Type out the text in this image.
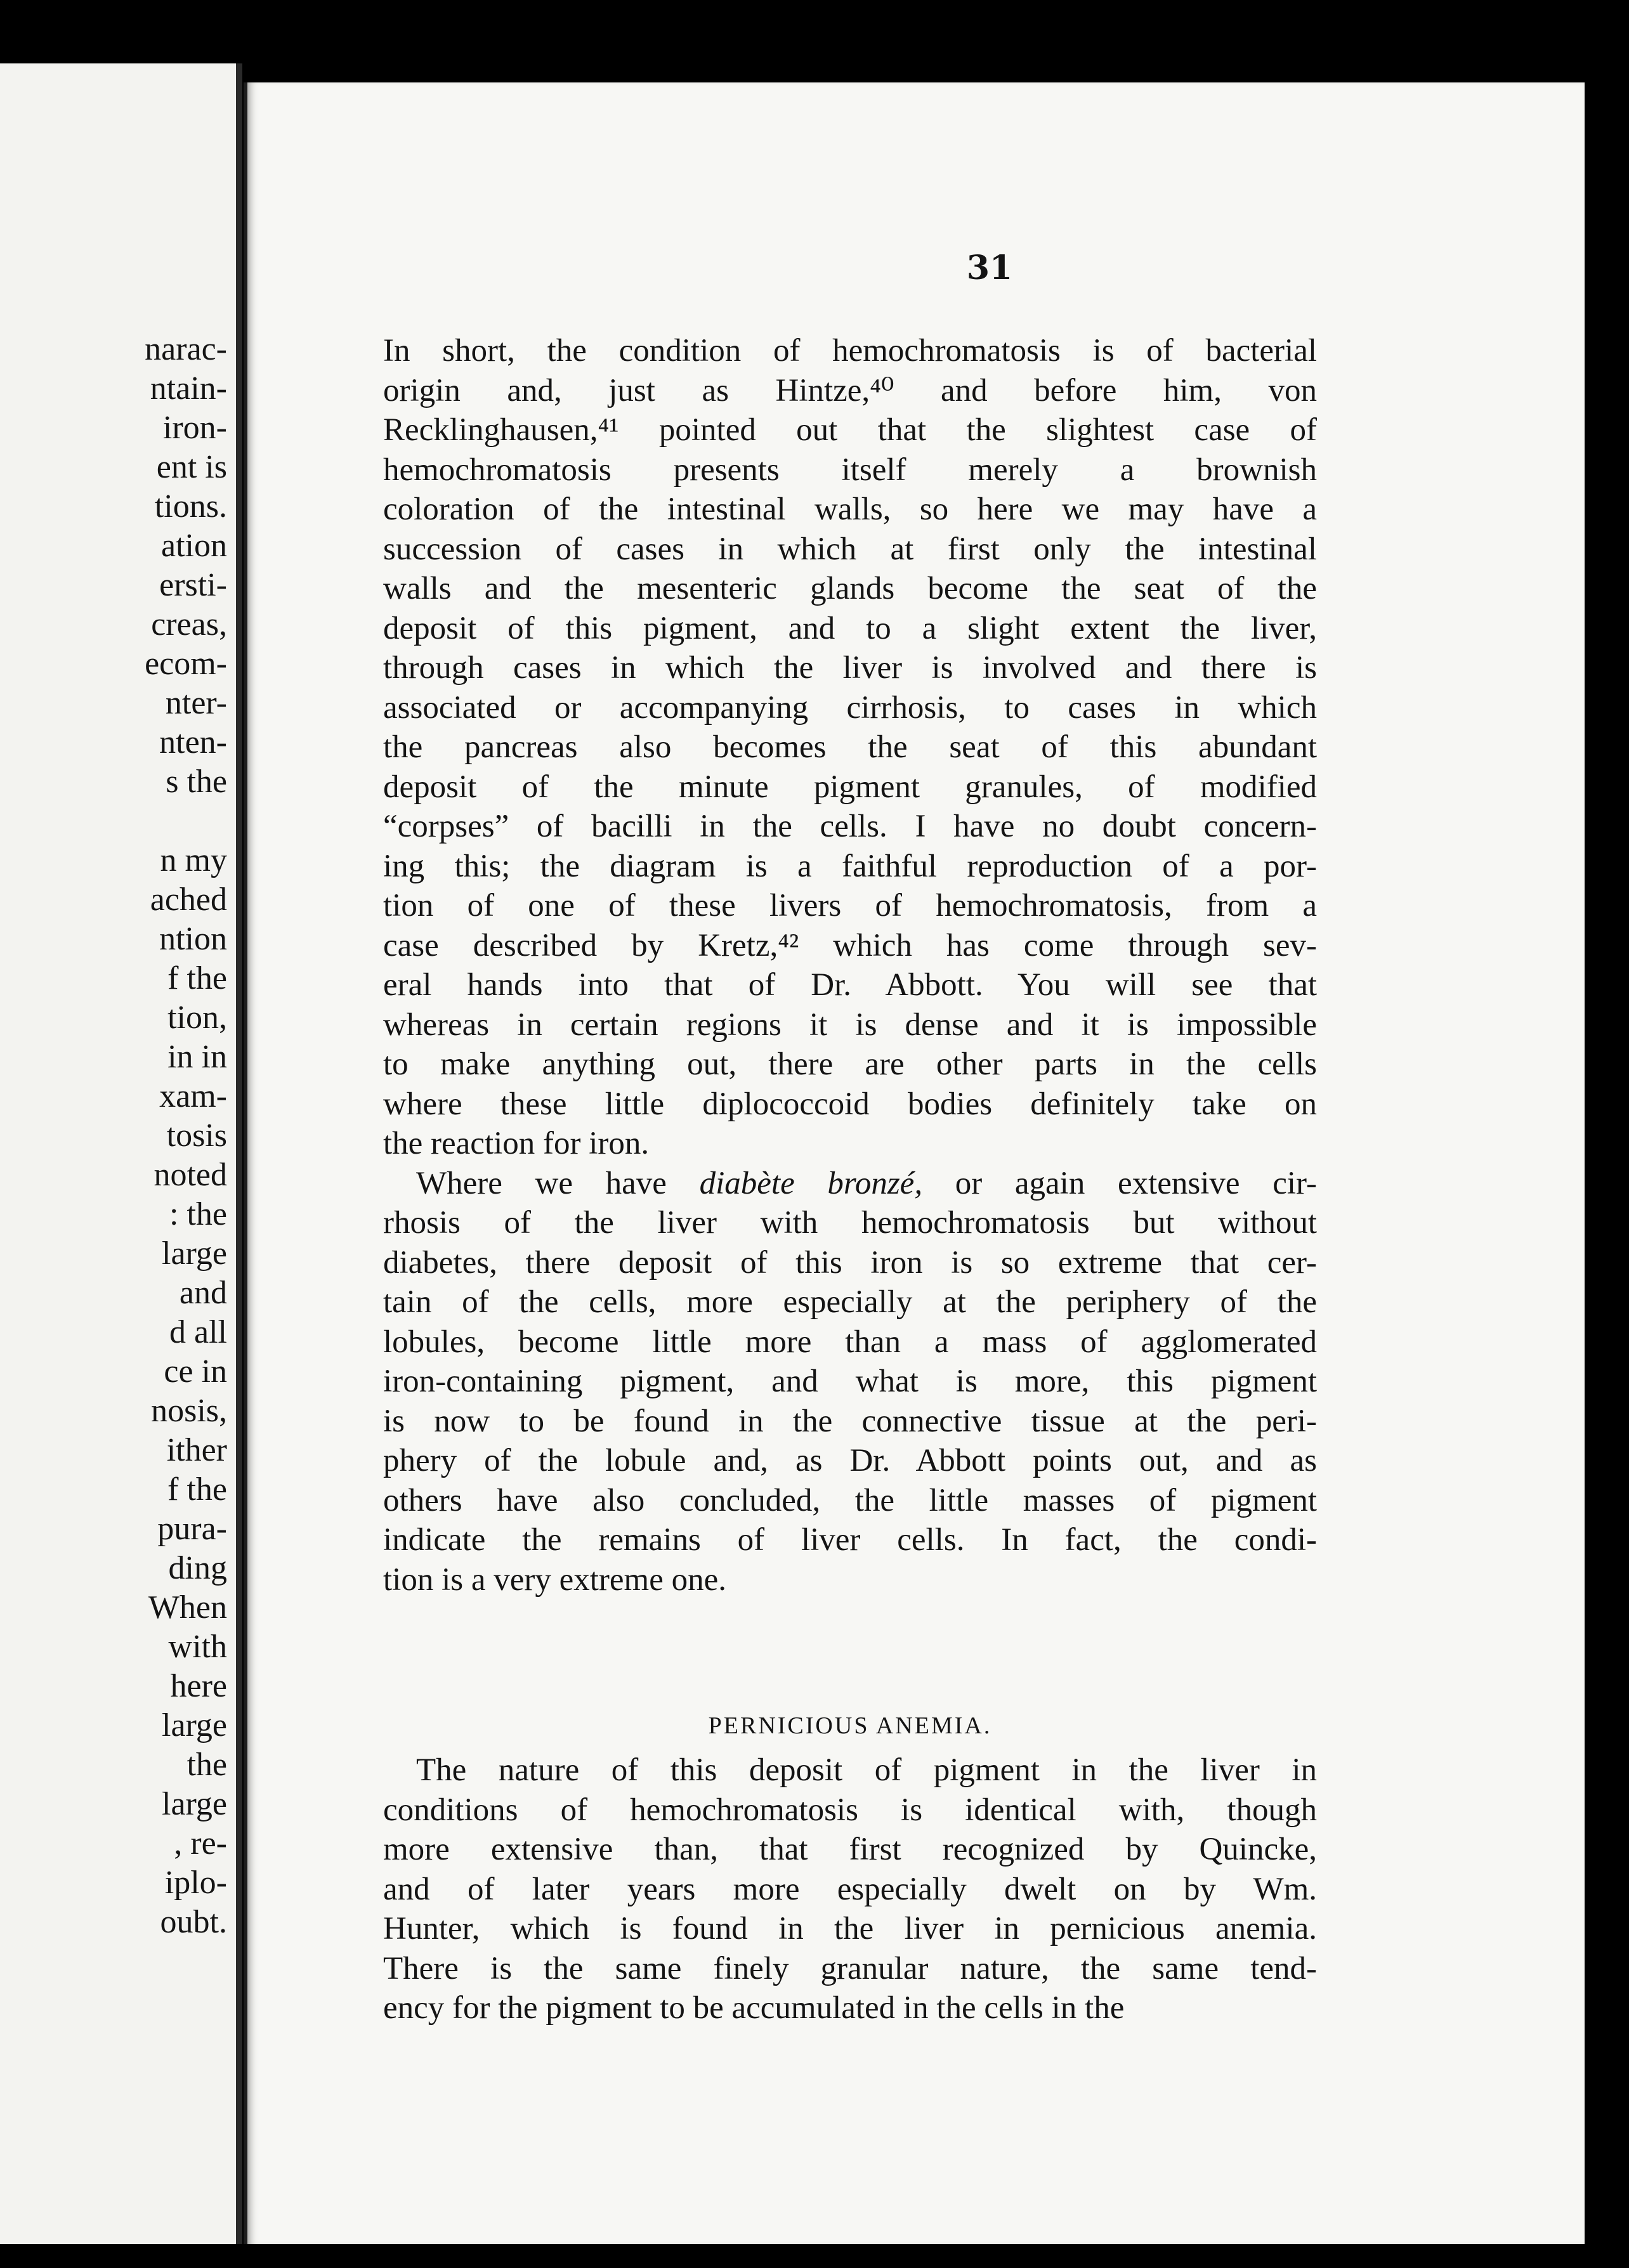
narac-
ntain-
iron-
ent is
tions.
ation
ersti-
creas,
ecom-
nter-
nten-
s the
n my
ached
ntion
f the
tion,
in in
xam-
tosis
noted
: the
large
and
d all
ce in
nosis,
ither
f the
pura-
ding
When
with
here
large
the
large
, re-
iplo-
oubt.
31
In short, the condition of hemochromatosis is of bacterial
origin and, just as Hintze,⁴⁰ and before him, von
Recklinghausen,⁴¹ pointed out that the slightest case of
hemochromatosis presents itself merely a brownish
coloration of the intestinal walls, so here we may have a
succession of cases in which at first only the intestinal
walls and the mesenteric glands become the seat of the
deposit of this pigment, and to a slight extent the liver,
through cases in which the liver is involved and there is
associated or accompanying cirrhosis, to cases in which
the pancreas also becomes the seat of this abundant
deposit of the minute pigment granules, of modified
“corpses” of bacilli in the cells. I have no doubt concern-
ing this; the diagram is a faithful reproduction of a por-
tion of one of these livers of hemochromatosis, from a
case described by Kretz,⁴² which has come through sev-
eral hands into that of Dr. Abbott. You will see that
whereas in certain regions it is dense and it is impossible
to make anything out, there are other parts in the cells
where these little diplococcoid bodies definitely take on
the reaction for iron.
Where we have diabète bronzé, or again extensive cir-
rhosis of the liver with hemochromatosis but without
diabetes, there deposit of this iron is so extreme that cer-
tain of the cells, more especially at the periphery of the
lobules, become little more than a mass of agglomerated
iron-containing pigment, and what is more, this pigment
is now to be found in the connective tissue at the peri-
phery of the lobule and, as Dr. Abbott points out, and as
others have also concluded, the little masses of pigment
indicate the remains of liver cells. In fact, the condi-
tion is a very extreme one.
PERNICIOUS ANEMIA.
The nature of this deposit of pigment in the liver in
conditions of hemochromatosis is identical with, though
more extensive than, that first recognized by Quincke,
and of later years more especially dwelt on by Wm.
Hunter, which is found in the liver in pernicious anemia.
There is the same finely granular nature, the same tend-
ency for the pigment to be accumulated in the cells in the
